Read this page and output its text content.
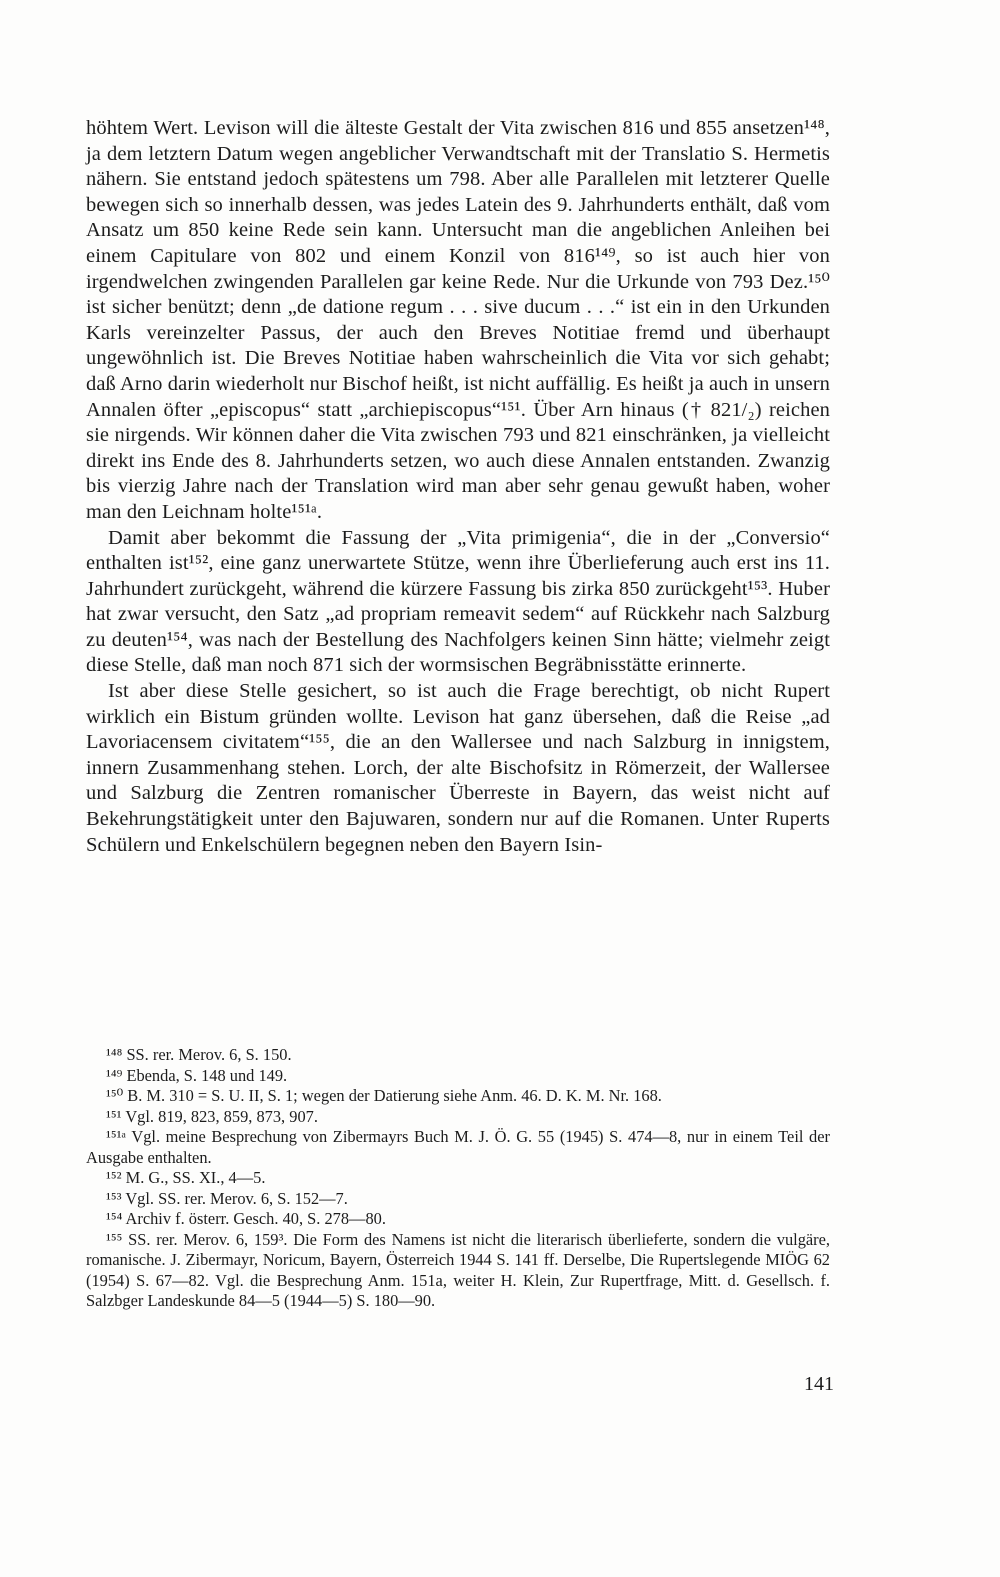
höhtem Wert. Levison will die älteste Gestalt der Vita zwischen 816 und 855 ansetzen¹⁴⁸, ja dem letztern Datum wegen angeblicher Verwandtschaft mit der Translatio S. Hermetis nähern. Sie entstand jedoch spätestens um 798. Aber alle Parallelen mit letzterer Quelle bewegen sich so innerhalb dessen, was jedes Latein des 9. Jahrhunderts enthält, daß vom Ansatz um 850 keine Rede sein kann. Untersucht man die angeblichen Anleihen bei einem Capitulare von 802 und einem Konzil von 816¹⁴⁹, so ist auch hier von irgendwelchen zwingenden Parallelen gar keine Rede. Nur die Urkunde von 793 Dez.¹⁵⁰ ist sicher benützt; denn „de datione regum . . . sive ducum . . .“ ist ein in den Urkunden Karls vereinzelter Passus, der auch den Breves Notitiae fremd und überhaupt ungewöhnlich ist. Die Breves Notitiae haben wahrscheinlich die Vita vor sich gehabt; daß Arno darin wiederholt nur Bischof heißt, ist nicht auffällig. Es heißt ja auch in unsern Annalen öfter „episcopus“ statt „archiepiscopus“¹⁵¹. Über Arn hinaus († 821/₂) reichen sie nirgends. Wir können daher die Vita zwischen 793 und 821 einschränken, ja vielleicht direkt ins Ende des 8. Jahrhunderts setzen, wo auch diese Annalen entstanden. Zwanzig bis vierzig Jahre nach der Translation wird man aber sehr genau gewußt haben, woher man den Leichnam holte¹⁵¹ᵃ.

Damit aber bekommt die Fassung der „Vita primigenia“, die in der „Conversio“ enthalten ist¹⁵², eine ganz unerwartete Stütze, wenn ihre Überlieferung auch erst ins 11. Jahrhundert zurückgeht, während die kürzere Fassung bis zirka 850 zurückgeht¹⁵³. Huber hat zwar versucht, den Satz „ad propriam remeavit sedem“ auf Rückkehr nach Salzburg zu deuten¹⁵⁴, was nach der Bestellung des Nachfolgers keinen Sinn hätte; vielmehr zeigt diese Stelle, daß man noch 871 sich der wormsischen Begräbnisstätte erinnerte.

Ist aber diese Stelle gesichert, so ist auch die Frage berechtigt, ob nicht Rupert wirklich ein Bistum gründen wollte. Levison hat ganz übersehen, daß die Reise „ad Lavoriacensem civitatem“¹⁵⁵, die an den Wallersee und nach Salzburg in innigstem, innern Zusammenhang stehen. Lorch, der alte Bischofsitz in Römerzeit, der Wallersee und Salzburg die Zentren romanischer Überreste in Bayern, das weist nicht auf Bekehrungstätigkeit unter den Bajuwaren, sondern nur auf die Romanen. Unter Ruperts Schülern und Enkelschülern begegnen neben den Bayern Isin-

¹⁴⁸ SS. rer. Merov. 6, S. 150.

¹⁴⁹ Ebenda, S. 148 und 149.

¹⁵⁰ B. M. 310 = S. U. II, S. 1; wegen der Datierung siehe Anm. 46. D. K. M. Nr. 168.

¹⁵¹ Vgl. 819, 823, 859, 873, 907.

¹⁵¹ᵃ Vgl. meine Besprechung von Zibermayrs Buch M. J. Ö. G. 55 (1945) S. 474—8, nur in einem Teil der Ausgabe enthalten.

¹⁵² M. G., SS. XI., 4—5.

¹⁵³ Vgl. SS. rer. Merov. 6, S. 152—7.

¹⁵⁴ Archiv f. österr. Gesch. 40, S. 278—80.

¹⁵⁵ SS. rer. Merov. 6, 159³. Die Form des Namens ist nicht die literarisch überlieferte, sondern die vulgäre, romanische. J. Zibermayr, Noricum, Bayern, Österreich 1944 S. 141 ff. Derselbe, Die Rupertslegende MIÖG 62 (1954) S. 67—82. Vgl. die Besprechung Anm. 151a, weiter H. Klein, Zur Rupertfrage, Mitt. d. Gesellsch. f. Salzbger Landeskunde 84—5 (1944—5) S. 180—90.

141
